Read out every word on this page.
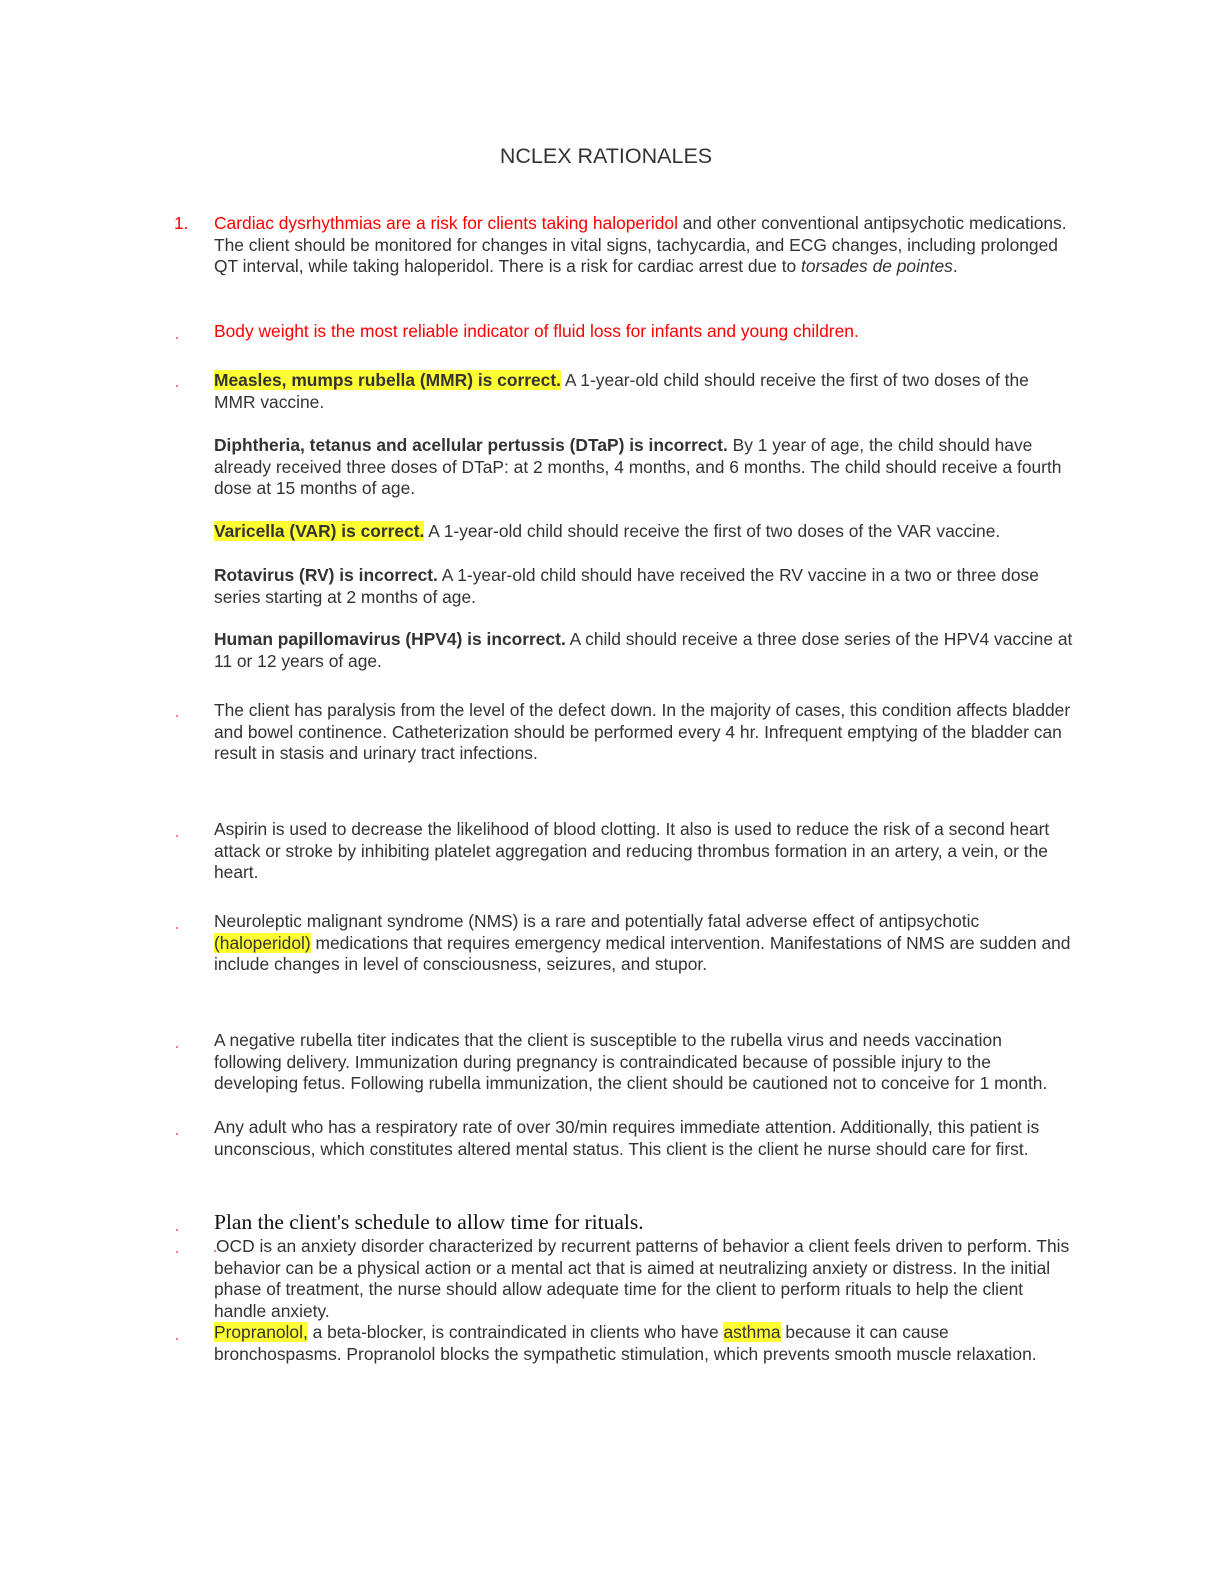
NCLEX RATIONALES
1. Cardiac dysrhythmias are a risk for clients taking haloperidol and other conventional antipsychotic medications. The client should be monitored for changes in vital signs, tachycardia, and ECG changes, including prolonged QT interval, while taking haloperidol. There is a risk for cardiac arrest due to torsades de pointes.
Body weight is the most reliable indicator of fluid loss for infants and young children.
Measles, mumps rubella (MMR) is correct. A 1-year-old child should receive the first of two doses of the MMR vaccine.
Diphtheria, tetanus and acellular pertussis (DTaP) is incorrect. By 1 year of age, the child should have already received three doses of DTaP: at 2 months, 4 months, and 6 months. The child should receive a fourth dose at 15 months of age.
Varicella (VAR) is correct. A 1-year-old child should receive the first of two doses of the VAR vaccine.
Rotavirus (RV) is incorrect. A 1-year-old child should have received the RV vaccine in a two or three dose series starting at 2 months of age.
Human papillomavirus (HPV4) is incorrect. A child should receive a three dose series of the HPV4 vaccine at 11 or 12 years of age.
The client has paralysis from the level of the defect down. In the majority of cases, this condition affects bladder and bowel continence. Catheterization should be performed every 4 hr. Infrequent emptying of the bladder can result in stasis and urinary tract infections.
Aspirin is used to decrease the likelihood of blood clotting. It also is used to reduce the risk of a second heart attack or stroke by inhibiting platelet aggregation and reducing thrombus formation in an artery, a vein, or the heart.
Neuroleptic malignant syndrome (NMS) is a rare and potentially fatal adverse effect of antipsychotic (haloperidol) medications that requires emergency medical intervention. Manifestations of NMS are sudden and include changes in level of consciousness, seizures, and stupor.
A negative rubella titer indicates that the client is susceptible to the rubella virus and needs vaccination following delivery. Immunization during pregnancy is contraindicated because of possible injury to the developing fetus. Following rubella immunization, the client should be cautioned not to conceive for 1 month.
Any adult who has a respiratory rate of over 30/min requires immediate attention. Additionally, this patient is unconscious, which constitutes altered mental status. This client is the client he nurse should care for first.
Plan the client's schedule to allow time for rituals.
OCD is an anxiety disorder characterized by recurrent patterns of behavior a client feels driven to perform. This behavior can be a physical action or a mental act that is aimed at neutralizing anxiety or distress. In the initial phase of treatment, the nurse should allow adequate time for the client to perform rituals to help the client handle anxiety.
Propranolol, a beta-blocker, is contraindicated in clients who have asthma because it can cause bronchospasms. Propranolol blocks the sympathetic stimulation, which prevents smooth muscle relaxation.
